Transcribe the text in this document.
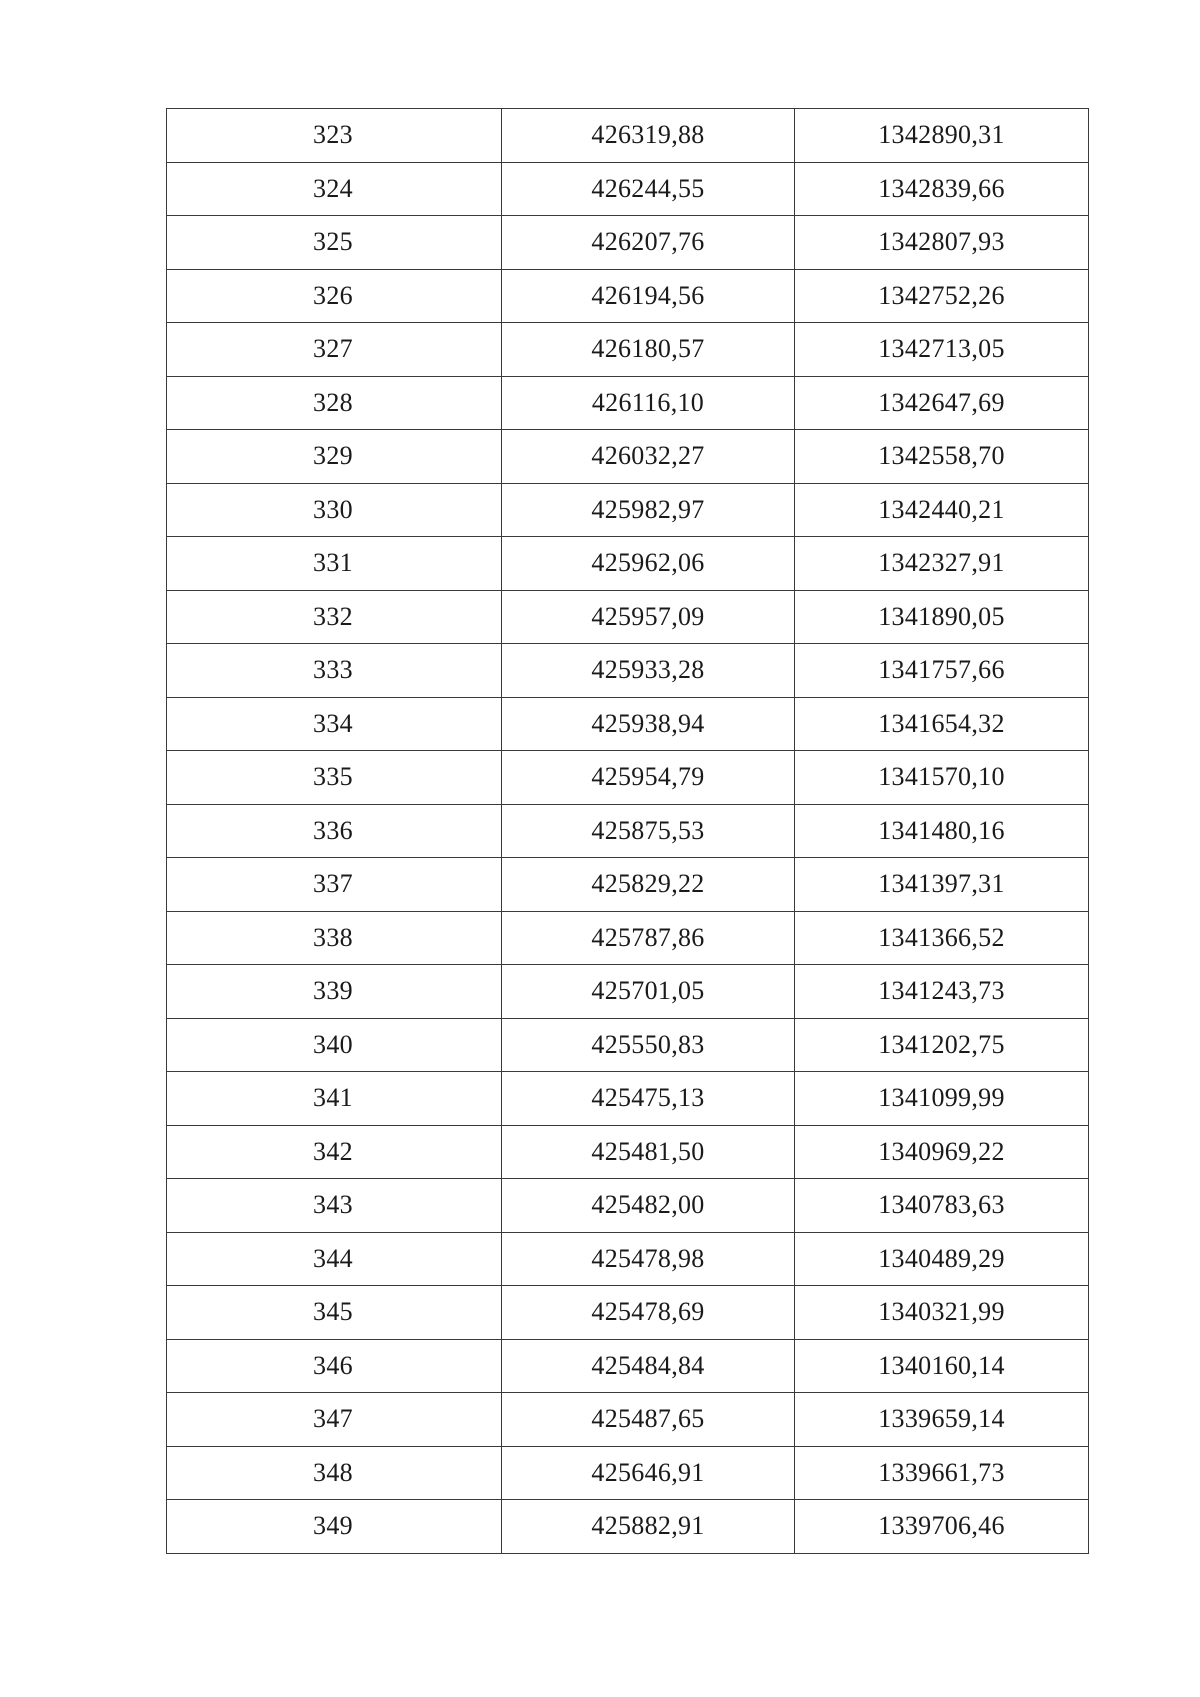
323	426319,88	1342890,31
324	426244,55	1342839,66
325	426207,76	1342807,93
326	426194,56	1342752,26
327	426180,57	1342713,05
328	426116,10	1342647,69
329	426032,27	1342558,70
330	425982,97	1342440,21
331	425962,06	1342327,91
332	425957,09	1341890,05
333	425933,28	1341757,66
334	425938,94	1341654,32
335	425954,79	1341570,10
336	425875,53	1341480,16
337	425829,22	1341397,31
338	425787,86	1341366,52
339	425701,05	1341243,73
340	425550,83	1341202,75
341	425475,13	1341099,99
342	425481,50	1340969,22
343	425482,00	1340783,63
344	425478,98	1340489,29
345	425478,69	1340321,99
346	425484,84	1340160,14
347	425487,65	1339659,14
348	425646,91	1339661,73
349	425882,91	1339706,46
